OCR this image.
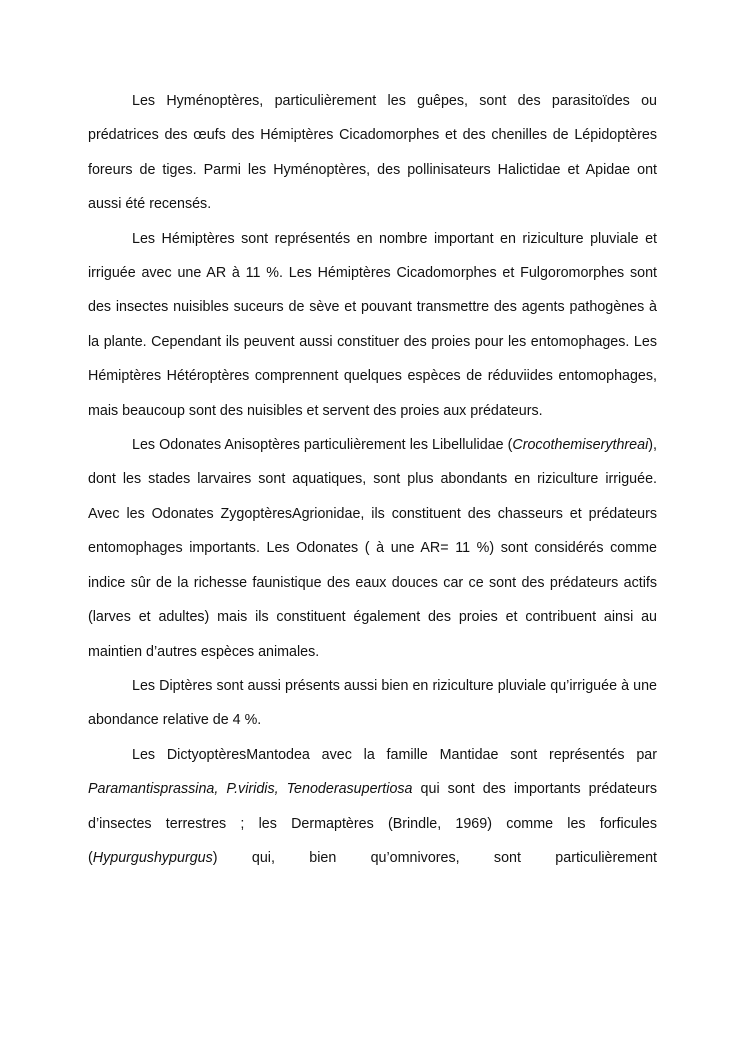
Les Hyménoptères, particulièrement les guêpes, sont des parasitoïdes ou prédatrices des œufs des Hémiptères Cicadomorphes et des chenilles de Lépidoptères foreurs de tiges. Parmi les Hyménoptères, des pollinisateurs Halictidae et Apidae ont aussi été recensés.

Les Hémiptères sont représentés en nombre important en riziculture pluviale et irriguée avec une AR à 11 %. Les Hémiptères Cicadomorphes et Fulgoromorphes sont des insectes nuisibles suceurs de sève et pouvant transmettre des agents pathogènes à la plante. Cependant ils peuvent aussi constituer des proies pour les entomophages. Les Hémiptères Hétéroptères comprennent quelques espèces de réduviides entomophages, mais beaucoup sont des nuisibles et servent des proies aux prédateurs.

Les Odonates Anisoptères particulièrement les Libellulidae (Crocothemiserythreai), dont les stades larvaires sont aquatiques, sont plus abondants en riziculture irriguée. Avec les Odonates ZygoptèresAgrionidae, ils constituent des chasseurs et prédateurs entomophages importants. Les Odonates ( à une AR= 11 %) sont considérés comme indice sûr de la richesse faunistique des eaux douces car ce sont des prédateurs actifs (larves et adultes) mais ils constituent également des proies et contribuent ainsi au maintien d’autres espèces animales.

Les Diptères sont aussi présents aussi bien en riziculture pluviale qu’irriguée à une abondance relative de 4 %.

Les DictyoptèresMantodea avec la famille Mantidae sont représentés par Paramantisprassina, P.viridis, Tenoderasupertiosa qui sont des importants prédateurs d’insectes terrestres ; les Dermaptères (Brindle, 1969) comme les forficules (Hypurgushypurgus) qui, bien qu’omnivores, sont particulièrement
